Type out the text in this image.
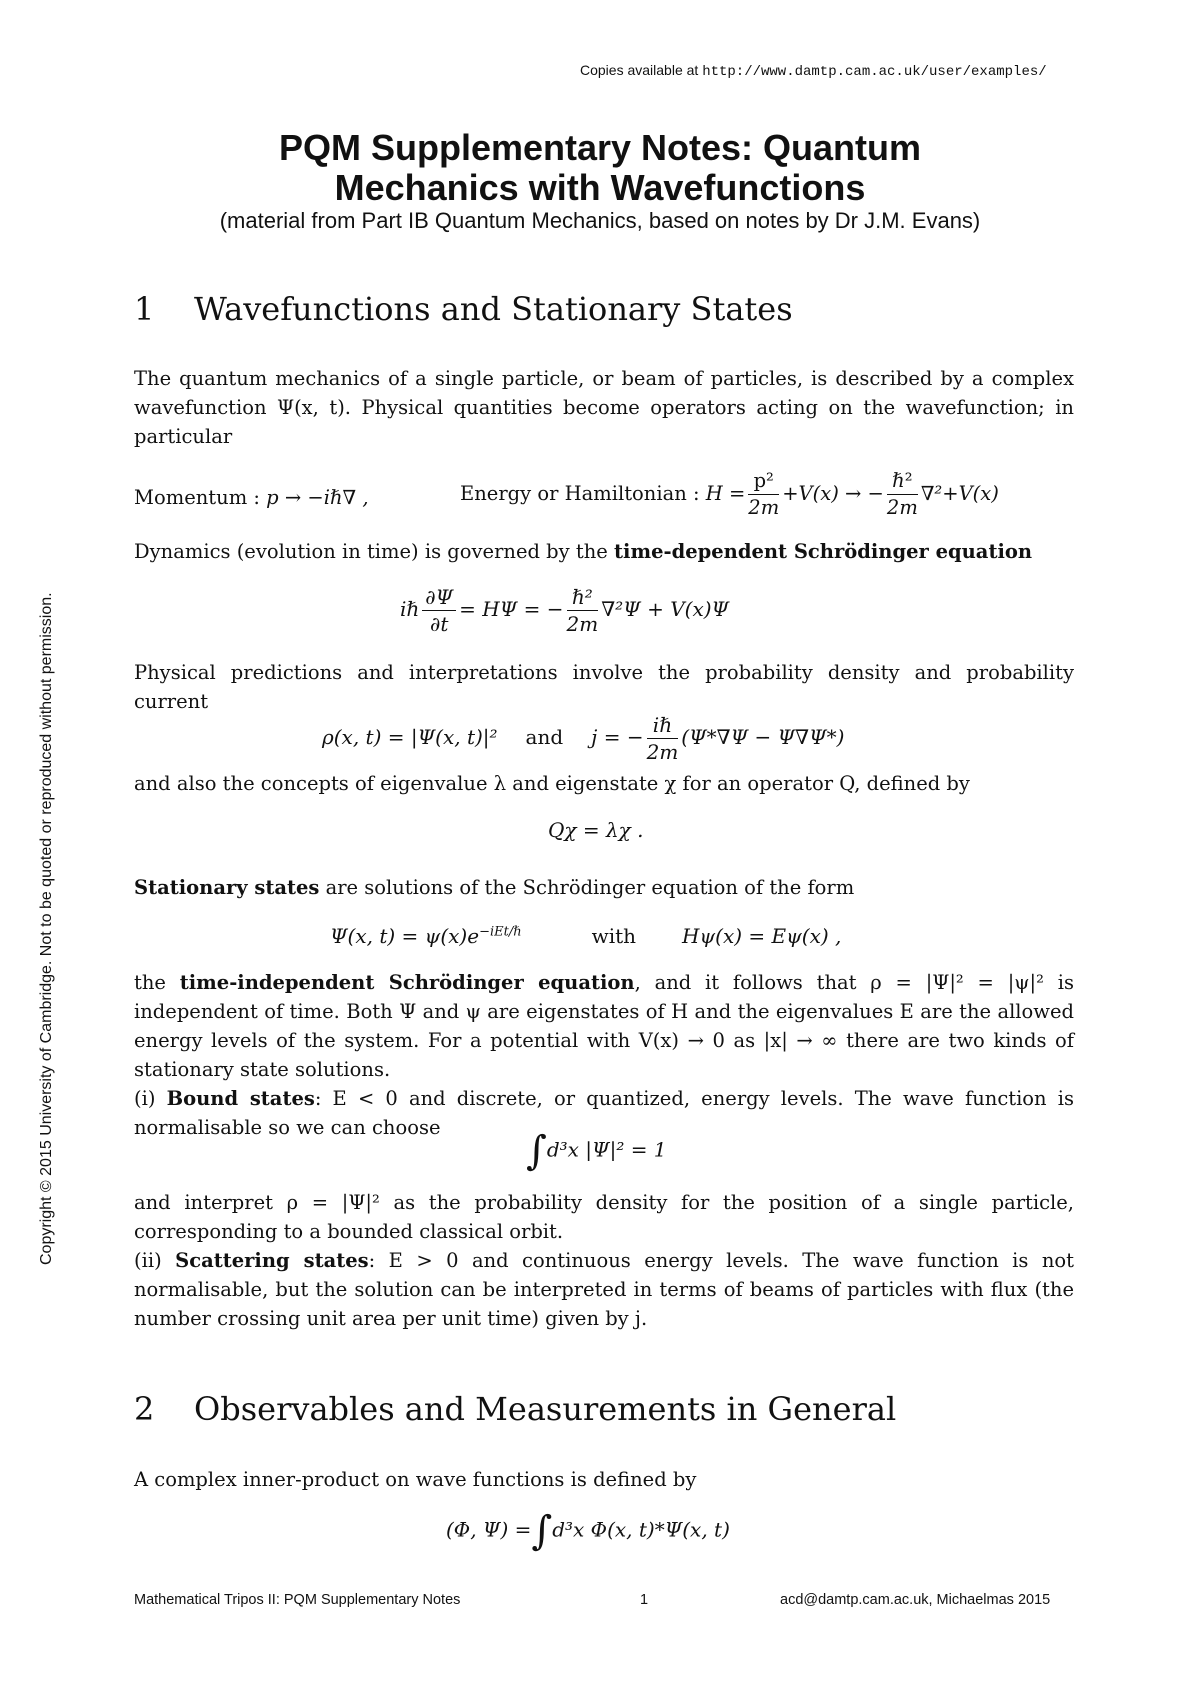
Copies available at http://www.damtp.cam.ac.uk/user/examples/
PQM Supplementary Notes: Quantum
Mechanics with Wavefunctions
(material from Part IB Quantum Mechanics, based on notes by Dr J.M. Evans)
Copyright © 2015 University of Cambridge. Not to be quoted or reproduced without permission.
1 Wavefunctions and Stationary States
The quantum mechanics of a single particle, or beam of particles, is described by a complex wavefunction Ψ(x, t). Physical quantities become operators acting on the wavefunction; in particular
Momentum : p → −iℏ∇ ,	Energy or Hamiltonian : $H = \frac{\text{p²}}{2m} +V(x)$ → − $\frac{\text{ℏ²}}{2m} \nabla^2+V(x)$
Dynamics (evolution in time) is governed by the time-dependent Schrödinger equation
iℏ $\frac{\partial\Psi}{\partial t} = H\Psi$ = − $\frac{\text{ℏ²}}{2m} \nabla^2\Psi + V(x)\Psi$
Physical predictions and interpretations involve the probability density and probability current
ρ(x, t) = |Ψ(x, t)|² and j = − $\frac{\text{iℏ}}{2m} (\Psi*\nabla\Psi - \Psi\nabla\Psi*)$
and also the concepts of eigenvalue λ and eigenstate χ for an operator Q, defined by
Qχ = λχ .
Stationary states are solutions of the Schrödinger equation of the form
Ψ(x, $t) = \psi(x)e^{-iEt/\hbar}$	with Hψ(x) = Eψ(x) ,
the time-independent Schrödinger equation, and it follows that ρ = |Ψ|² = |ψ|² is independent of time. Both Ψ and ψ are eigenstates of H and the eigenvalues E are the allowed energy levels of the system. For a potential with V(x) → 0 as |x| → ∞ there are two kinds of stationary state solutions.
(i) Bound states: E < 0 and discrete, or quantized, energy levels. The wave function is normalisable so we can choose
∫d³x |Ψ|² = 1
and interpret ρ = |Ψ|² as the probability density for the position of a single particle, corresponding to a bounded classical orbit.
(ii) Scattering states: E > 0 and continuous energy levels. The wave function is not normalisable, but the solution can be interpreted in terms of beams of particles with flux (the number crossing unit area per unit time) given by j.
2 Observables and Measurements in General
A complex inner-product on wave functions is defined by
(Φ, Ψ) =∫d³x Φ(x, t)*Ψ(x, t)
Mathematical Tripos II: PQM Supplementary Notes	1	acd@damtp.cam.ac.uk, Michaelmas 2015
